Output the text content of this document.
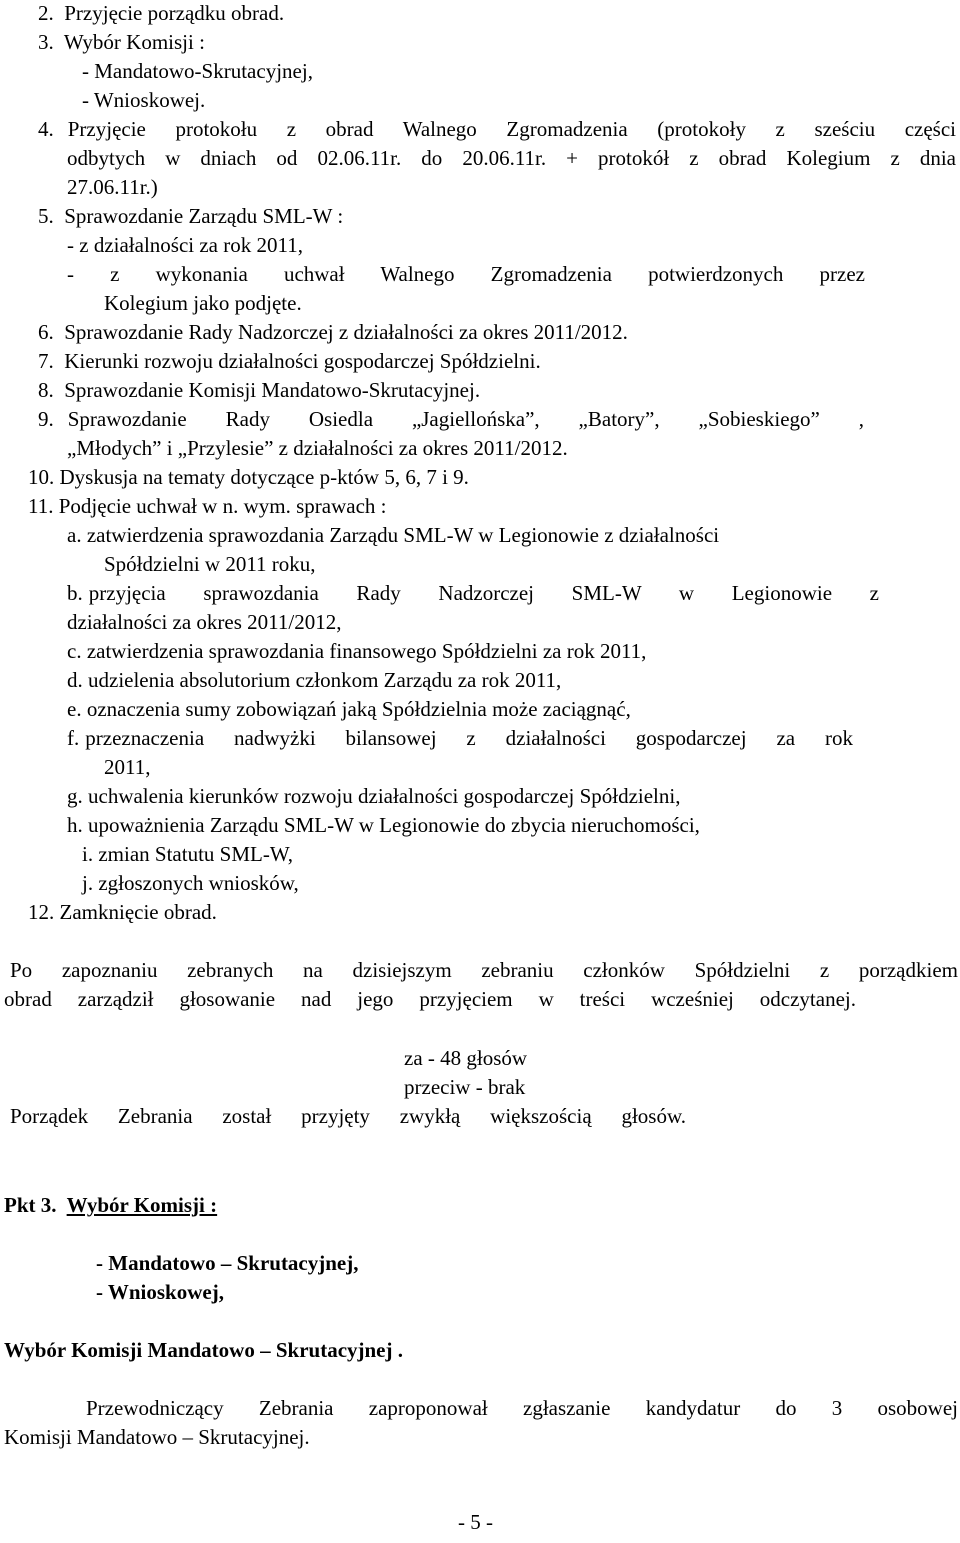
2. Przyjęcie porządku obrad.
3. Wybór Komisji :
- Mandatowo-Skrutacyjnej,
- Wnioskowej.
4. Przyjęcie protokołu z obrad Walnego Zgromadzenia (protokoły z sześciu części
odbytych w dniach od 02.06.11r. do 20.06.11r. + protokół z obrad Kolegium z dnia
27.06.11r.)
5. Sprawozdanie Zarządu SML-W :
- z działalności za rok 2011,
- z wykonania uchwał Walnego Zgromadzenia potwierdzonych przez
Kolegium jako podjęte.
6. Sprawozdanie Rady Nadzorczej z działalności za okres 2011/2012.
7. Kierunki rozwoju działalności gospodarczej Spółdzielni.
8. Sprawozdanie Komisji Mandatowo-Skrutacyjnej.
9. Sprawozdanie Rady Osiedla „Jagiellońska”, „Batory”, „Sobieskiego” ,
„Młodych” i „Przylesie” z działalności za okres 2011/2012.
10. Dyskusja na tematy dotyczące p-któw 5, 6, 7 i 9.
11. Podjęcie uchwał w n. wym. sprawach :
a. zatwierdzenia sprawozdania Zarządu SML-W w Legionowie z działalności
Spółdzielni w 2011 roku,
b. przyjęcia sprawozdania Rady Nadzorczej SML-W w Legionowie z
działalności za okres 2011/2012,
c. zatwierdzenia sprawozdania finansowego Spółdzielni za rok 2011,
d. udzielenia absolutorium członkom Zarządu za rok 2011,
e. oznaczenia sumy zobowiązań jaką Spółdzielnia może zaciągnąć,
f. przeznaczenia nadwyżki bilansowej z działalności gospodarczej za rok
2011,
g. uchwalenia kierunków rozwoju działalności gospodarczej Spółdzielni,
h. upoważnienia Zarządu SML-W w Legionowie do zbycia nieruchomości,
i. zmian Statutu SML-W,
j. zgłoszonych wniosków,
12. Zamknięcie obrad.
Po zapoznaniu zebranych na dzisiejszym zebraniu członków Spółdzielni z porządkiem
obrad zarządził głosowanie nad jego przyjęciem w treści wcześniej odczytanej.
za - 48 głosów
przeciw - brak
Porządek Zebrania został przyjęty zwykłą większością głosów.
Pkt 3. Wybór Komisji :
- Mandatowo – Skrutacyjnej,
- Wnioskowej,
Wybór Komisji Mandatowo – Skrutacyjnej .
Przewodniczący Zebrania zaproponował zgłaszanie kandydatur do 3 osobowej
Komisji Mandatowo – Skrutacyjnej.
- 5 -
